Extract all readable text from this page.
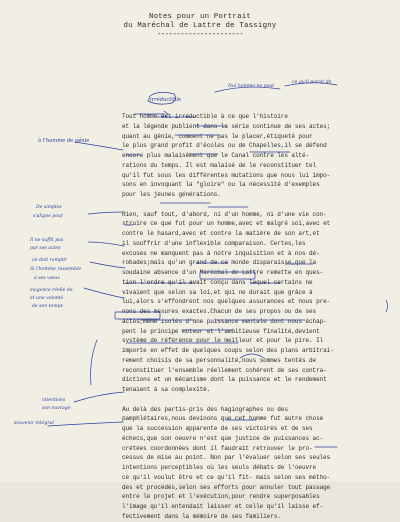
Notes pour un Portrait
du Maréchal de Lattre de Tassigny
----------------------
Tout homme est irréductible à ce que l'histoire
et la légende publient dans la série continue de ses actes;
quant au génie, comment ne pas le placer,étiqueté pour
le plus grand profit d'écoles ou de Chapelles,il se défend
encore plus malaisément que le Canal contre les alté-
rations du temps. Il est malaisé de le reconstituer tel
qu'il fut sous les différentes mutations que nous lui impo-
sons en invoquant la "gloire" ou la nécessité d'exemples
pour les jeunes générations.
Rien, sauf tout, d'abord, ni d'un homme, ni d'une vie con-
struire ce que fut pour un homme,avec et malgré soi,avec et
contre le hasard,avec et contre la matière de son art,et
il souffrir d'une inflexible comparaison. Certes,les
excuses ne manquent pas à notre inquisition et à nos dé-
robades;mais qu'un grand de ce monde disparaisse,que la
soudaine absence d'un Maréchal de Lattre remette en ques-
tion l'ordre qu'il avait conçu dans lequel certains ne
vivaient que selon sa loi,et qui ne durait que grâce à
lui,alors s'effondrent nos quelques assurances et nous pre-
nons des mesures exactes.Chacun de ses propos ou de ses
actes,même isolés d'une puissance mentale dont nous échap-
pent le principe moteur et l'ambitieuse finalité,devient
système de référence pour le meilleur et pour le pire. Il
importe en effet de quelques coups selon des plans arbitrai-
rement choisis de sa personnalité,nous sommes tentés de
reconstituer l'ensemble réellement cohérent de ses contra-
dictions et un mécanisme dont la puissance et le rendement
tenaient à sa complexité.
Au delà des partis-pris des hagiographes ou des
pamphlétaires,nous devinons que cet homme fut autre chose
que la succession apparente de ses victoires et de ses
échecs,que son oeuvre n'est que justice de puissances ac-
crétées coordonnées dont il faudrait retrouver le pro-
cessus de mise au point. Non par l'évaluer selon ses seules
intentions perceptibles où les seuls débats de l'oeuvre
ce qu'il voulut être et ce qu'il fit- mais selon ses métho-
des et procédés,selon ses efforts pour annuler tout passage
entre le projet et l'exécution,pour rendre superposables
l'image qu'il entendait laisser et celle qu'il laisse ef-
fectivement dans la mémoire de ses familiers.
irréductible
Nul homme ne peut
ce qu'il parait de
à l'homme de génie
De simples
s'aligne pour
Il ne suffit pas
par ses actes
on doit remplir
Si l'homme rassemble
à ses vœux
exigence réelle de
et une volonté
de son temps
intentions
son ouvrage
souvenir intégral
